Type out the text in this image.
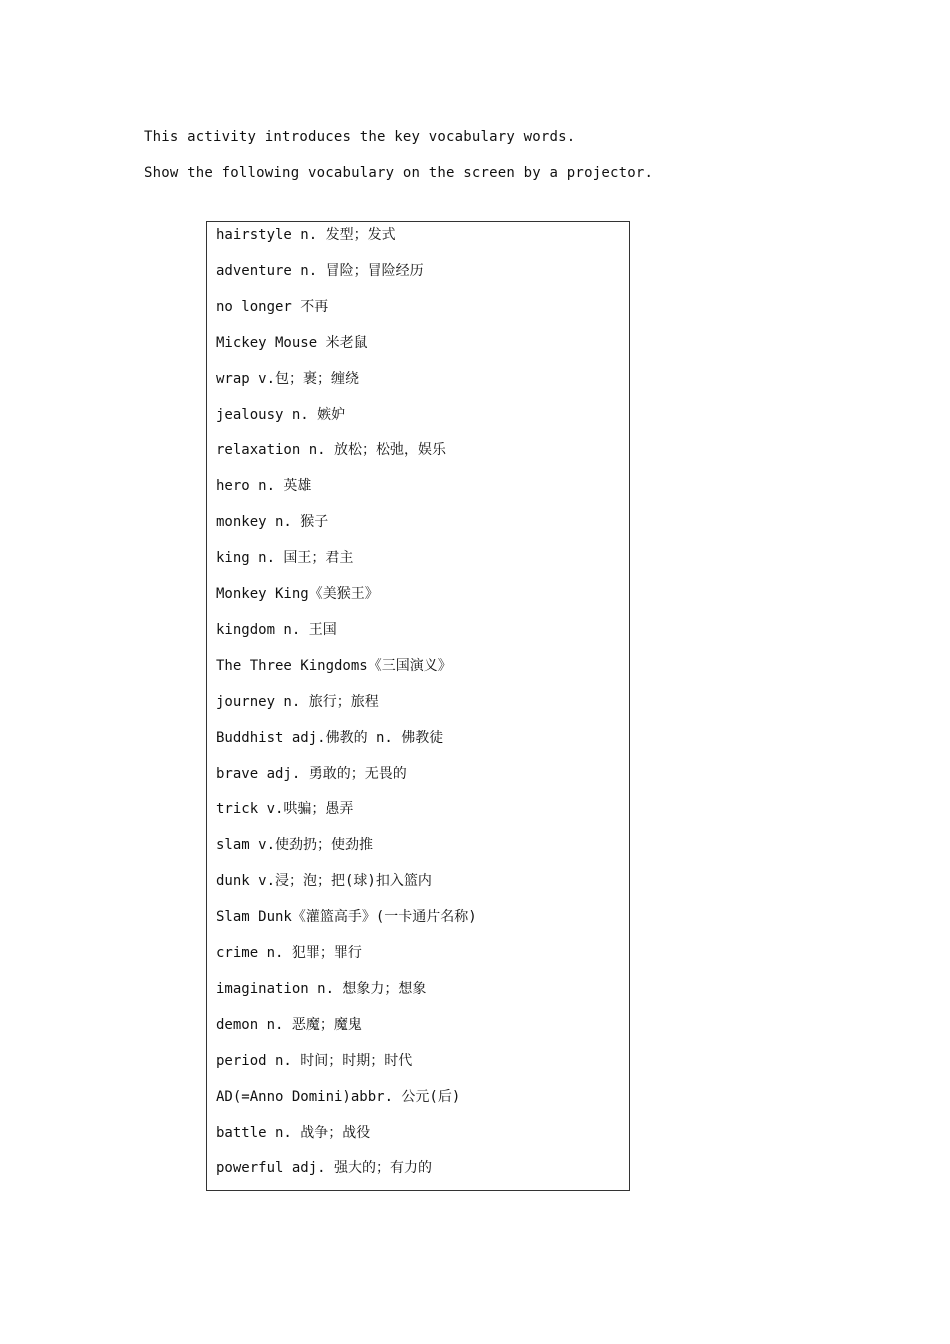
This activity introduces the key vocabulary words.
Show the following vocabulary on the screen by a projector.
hairstyle n. 发型；发式
adventure n. 冒险；冒险经历
no longer 不再
Mickey Mouse 米老鼠
wrap v.包；裹；缠绕
jealousy n. 嫉妒
relaxation n. 放松；松弛，娱乐
hero n. 英雄
monkey n. 猴子
king n. 国王；君主
Monkey King《美猴王》
kingdom n. 王国
The Three Kingdoms《三国演义》
journey n. 旅行；旅程
Buddhist adj.佛教的 n. 佛教徒
brave adj. 勇敢的；无畏的
trick v.哄骗；愚弄
slam v.使劲扔；使劲推
dunk v.浸；泡；把(球)扣入篮内
Slam Dunk《灌篮高手》(一卡通片名称)
crime n. 犯罪；罪行
imagination n. 想象力；想象
demon n. 恶魔；魔鬼
period n. 时间；时期；时代
AD(=Anno Domini)abbr. 公元(后)
battle n. 战争；战役
powerful adj. 强大的；有力的
